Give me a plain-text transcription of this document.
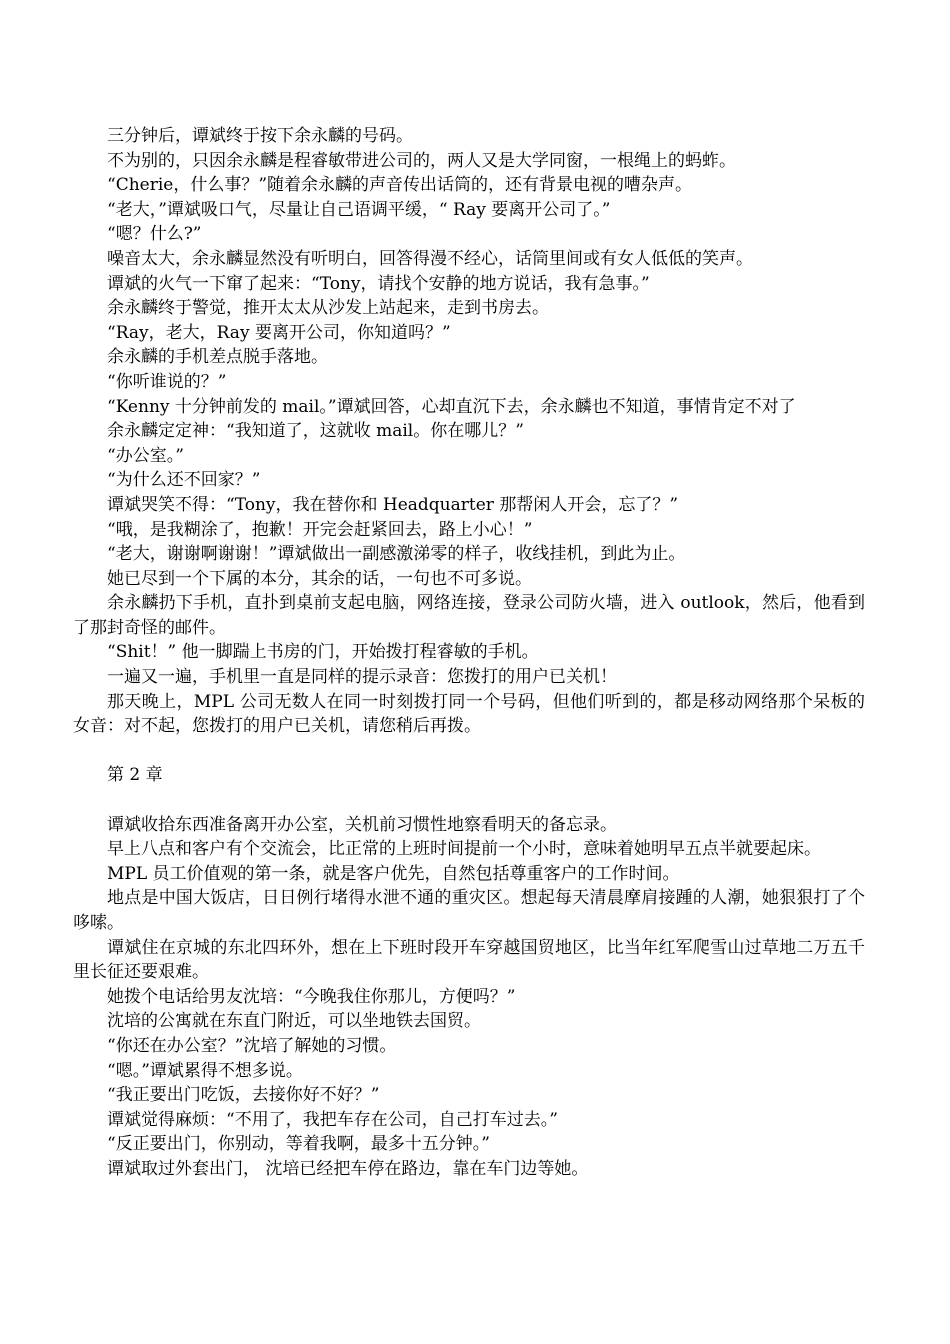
三分钟后，谭斌终于按下余永麟的号码。

不为别的，只因余永麟是程睿敏带进公司的，两人又是大学同窗，一根绳上的蚂蚱。

“Cherie，什么事？”随着余永麟的声音传出话筒的，还有背景电视的嘈杂声。

“老大，”谭斌吸口气，尽量让自己语调平缓，“ Ray 要离开公司了。”

“嗯？什么?”

噪音太大，余永麟显然没有听明白，回答得漫不经心，话筒里间或有女人低低的笑声。

谭斌的火气一下窜了起来：“Tony，请找个安静的地方说话，我有急事。”

余永麟终于警觉，推开太太从沙发上站起来，走到书房去。

“Ray，老大，Ray 要离开公司，你知道吗？”

余永麟的手机差点脱手落地。

“你听谁说的？”

“Kenny 十分钟前发的 mail。”谭斌回答，心却直沉下去，余永麟也不知道，事情肯定不对了

余永麟定定神：“我知道了，这就收 mail。你在哪儿？”

“办公室。”

“为什么还不回家？”

谭斌哭笑不得：“Tony，我在替你和 Headquarter 那帮闲人开会，忘了？”

“哦，是我糊涂了，抱歉！开完会赶紧回去，路上小心！”

“老大，谢谢啊谢谢！”谭斌做出一副感激涕零的样子，收线挂机，到此为止。

她已尽到一个下属的本分，其余的话，一句也不可多说。

余永麟扔下手机，直扑到桌前支起电脑，网络连接，登录公司防火墙，进入 outlook，然后，他看到了那封奇怪的邮件。

“Shit！” 他一脚踹上书房的门，开始拨打程睿敏的手机。

一遍又一遍，手机里一直是同样的提示录音：您拨打的用户已关机！

那天晚上，MPL 公司无数人在同一时刻拨打同一个号码，但他们听到的，都是移动网络那个呆板的女音：对不起，您拨打的用户已关机，请您稍后再拨。

第 2 章

谭斌收拾东西准备离开办公室，关机前习惯性地察看明天的备忘录。

早上八点和客户有个交流会，比正常的上班时间提前一个小时，意味着她明早五点半就要起床。

MPL 员工价值观的第一条，就是客户优先，自然包括尊重客户的工作时间。

地点是中国大饭店，日日例行堵得水泄不通的重灾区。想起每天清晨摩肩接踵的人潮，她狠狠打了个哆嗦。

谭斌住在京城的东北四环外，想在上下班时段开车穿越国贸地区，比当年红军爬雪山过草地二万五千里长征还要艰难。

她拨个电话给男友沈培：“今晚我住你那儿，方便吗？”

沈培的公寓就在东直门附近，可以坐地铁去国贸。

“你还在办公室？”沈培了解她的习惯。

“嗯。”谭斌累得不想多说。

“我正要出门吃饭，去接你好不好？”

谭斌觉得麻烦：“不用了，我把车存在公司，自己打车过去。”

“反正要出门，你别动，等着我啊，最多十五分钟。”

谭斌取过外套出门， 沈培已经把车停在路边，靠在车门边等她。
